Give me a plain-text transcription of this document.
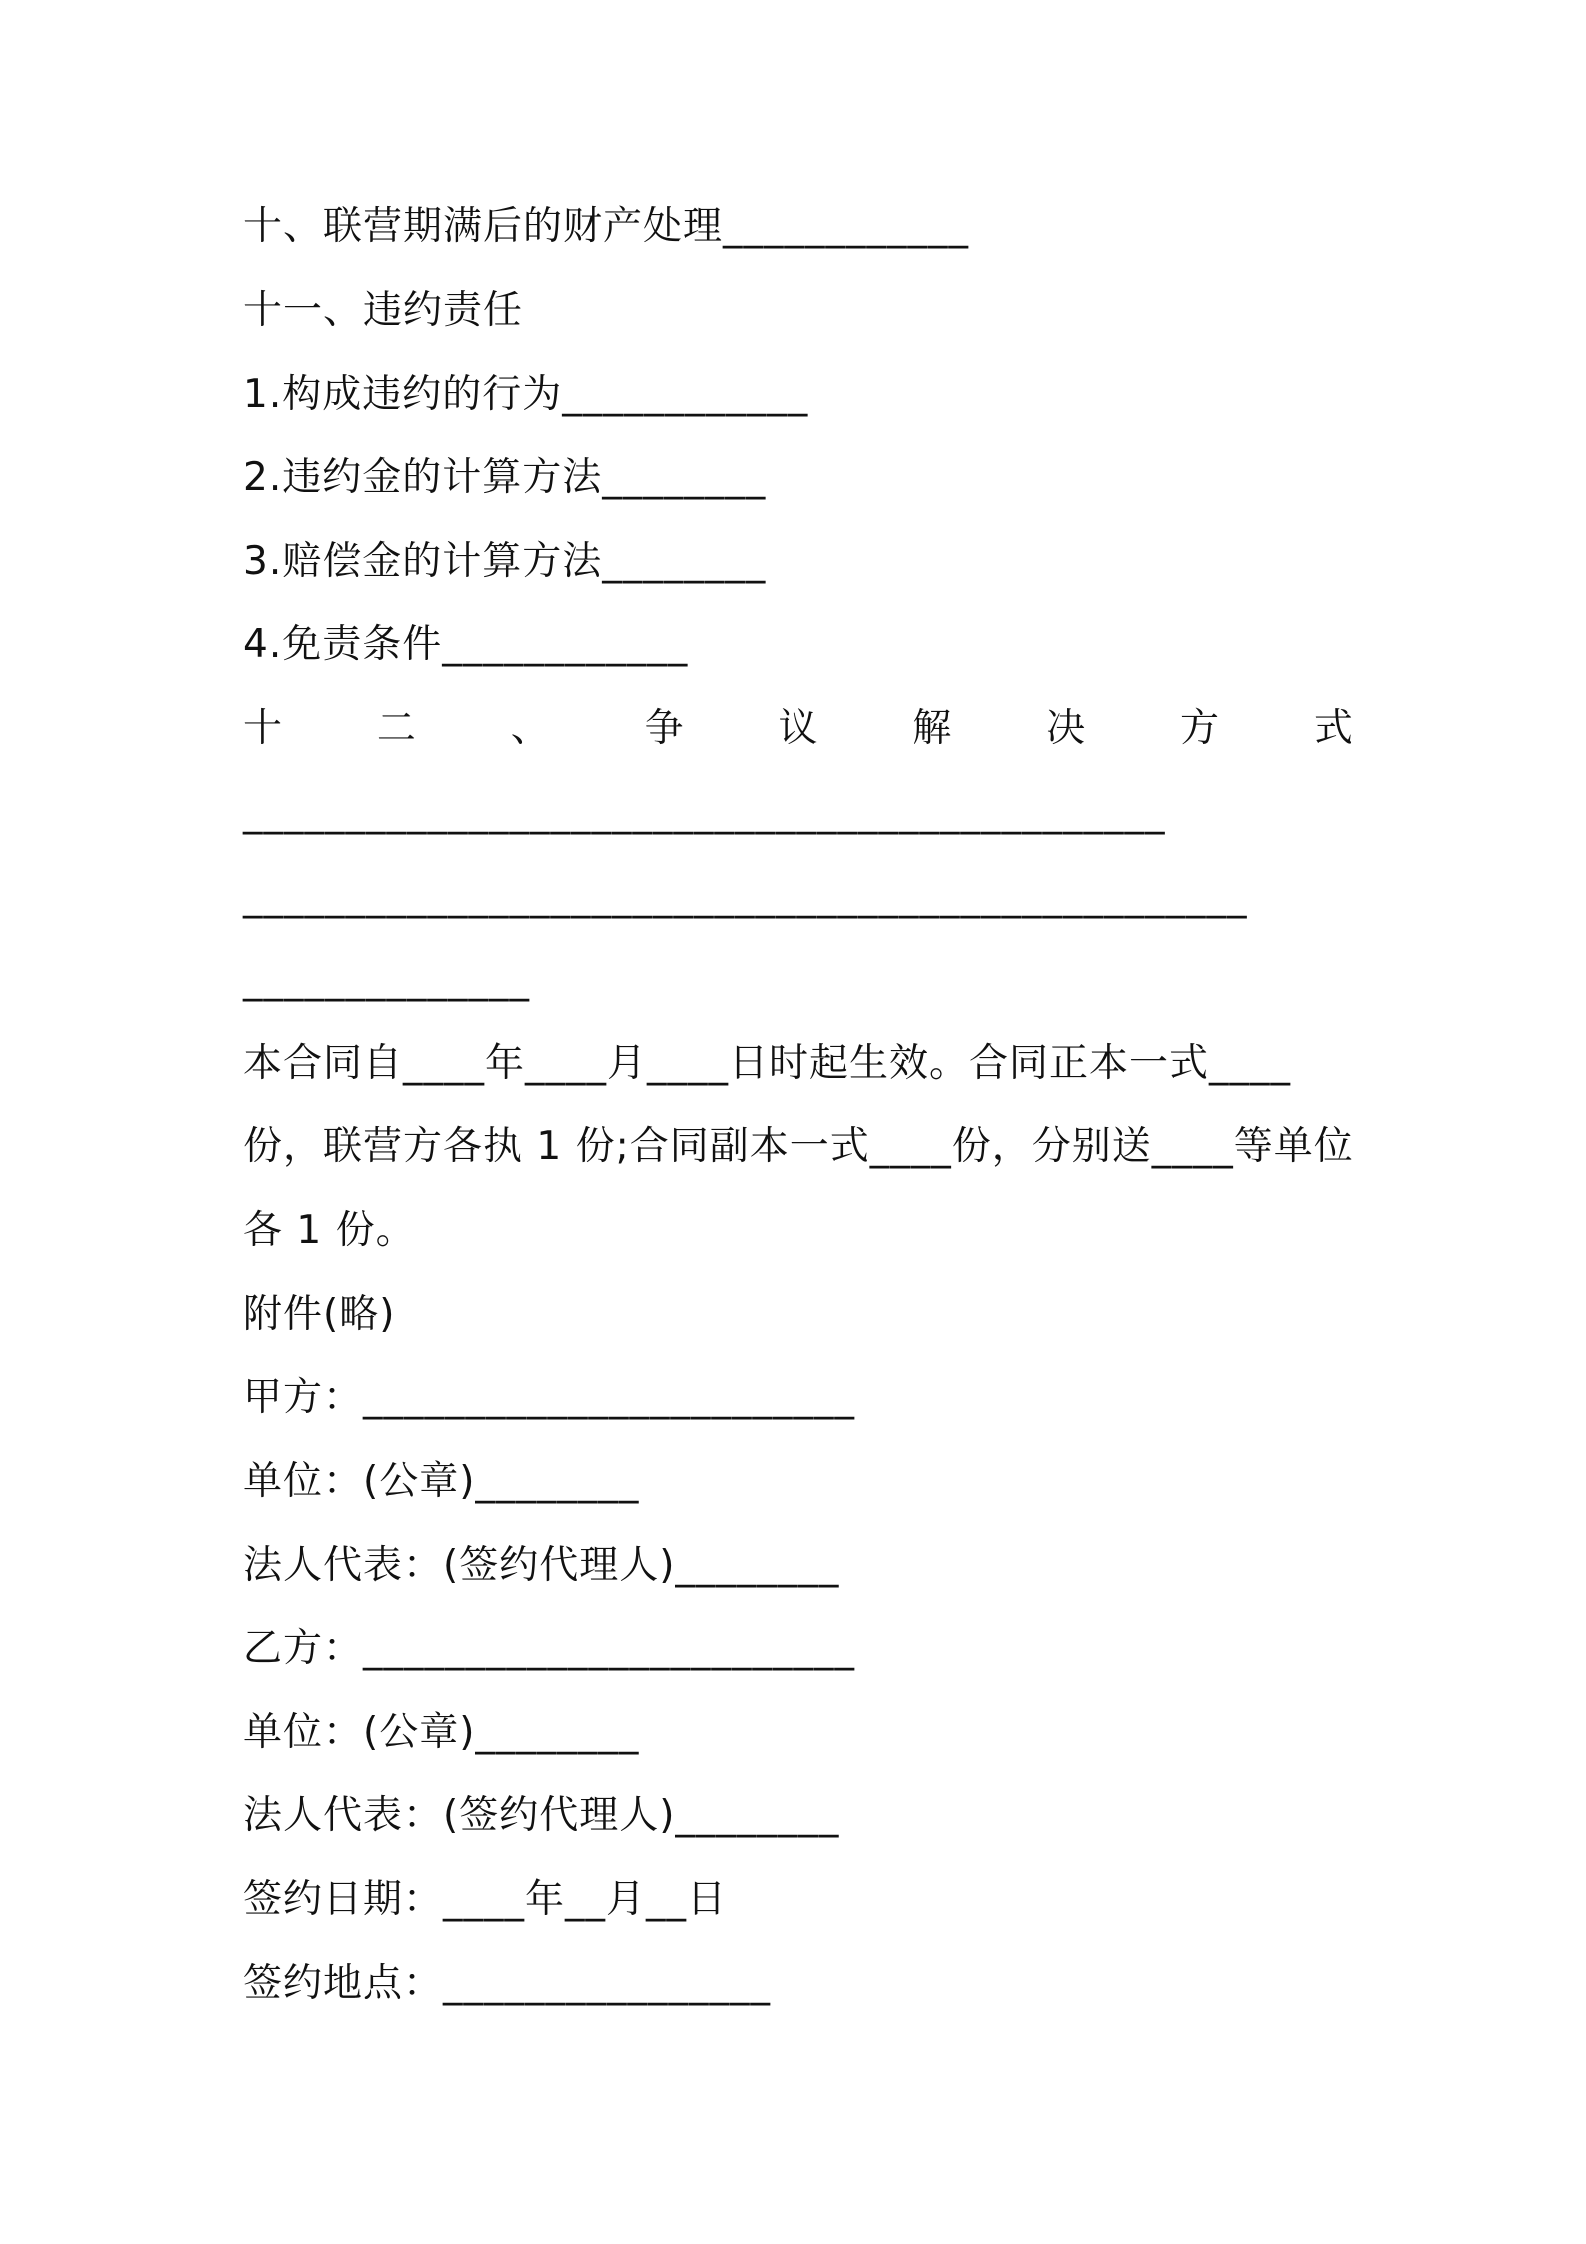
十、联营期满后的财产处理____________
十一、违约责任
1.构成违约的行为____________
2.违约金的计算方法________
3.赔偿金的计算方法________
4.免责条件____________
十 二 、 争 议 解 决 方 式
_____________________________________________
_________________________________________________
______________
本合同自____年____月____日时起生效。合同正本一式____
份，联营方各执 1 份;合同副本一式____份，分别送____等单位
各 1 份。
附件(略)
甲方：________________________
单位：(公章)________
法人代表：(签约代理人)________
乙方：________________________
单位：(公章)________
法人代表：(签约代理人)________
签约日期：____年__月__日
签约地点：________________
